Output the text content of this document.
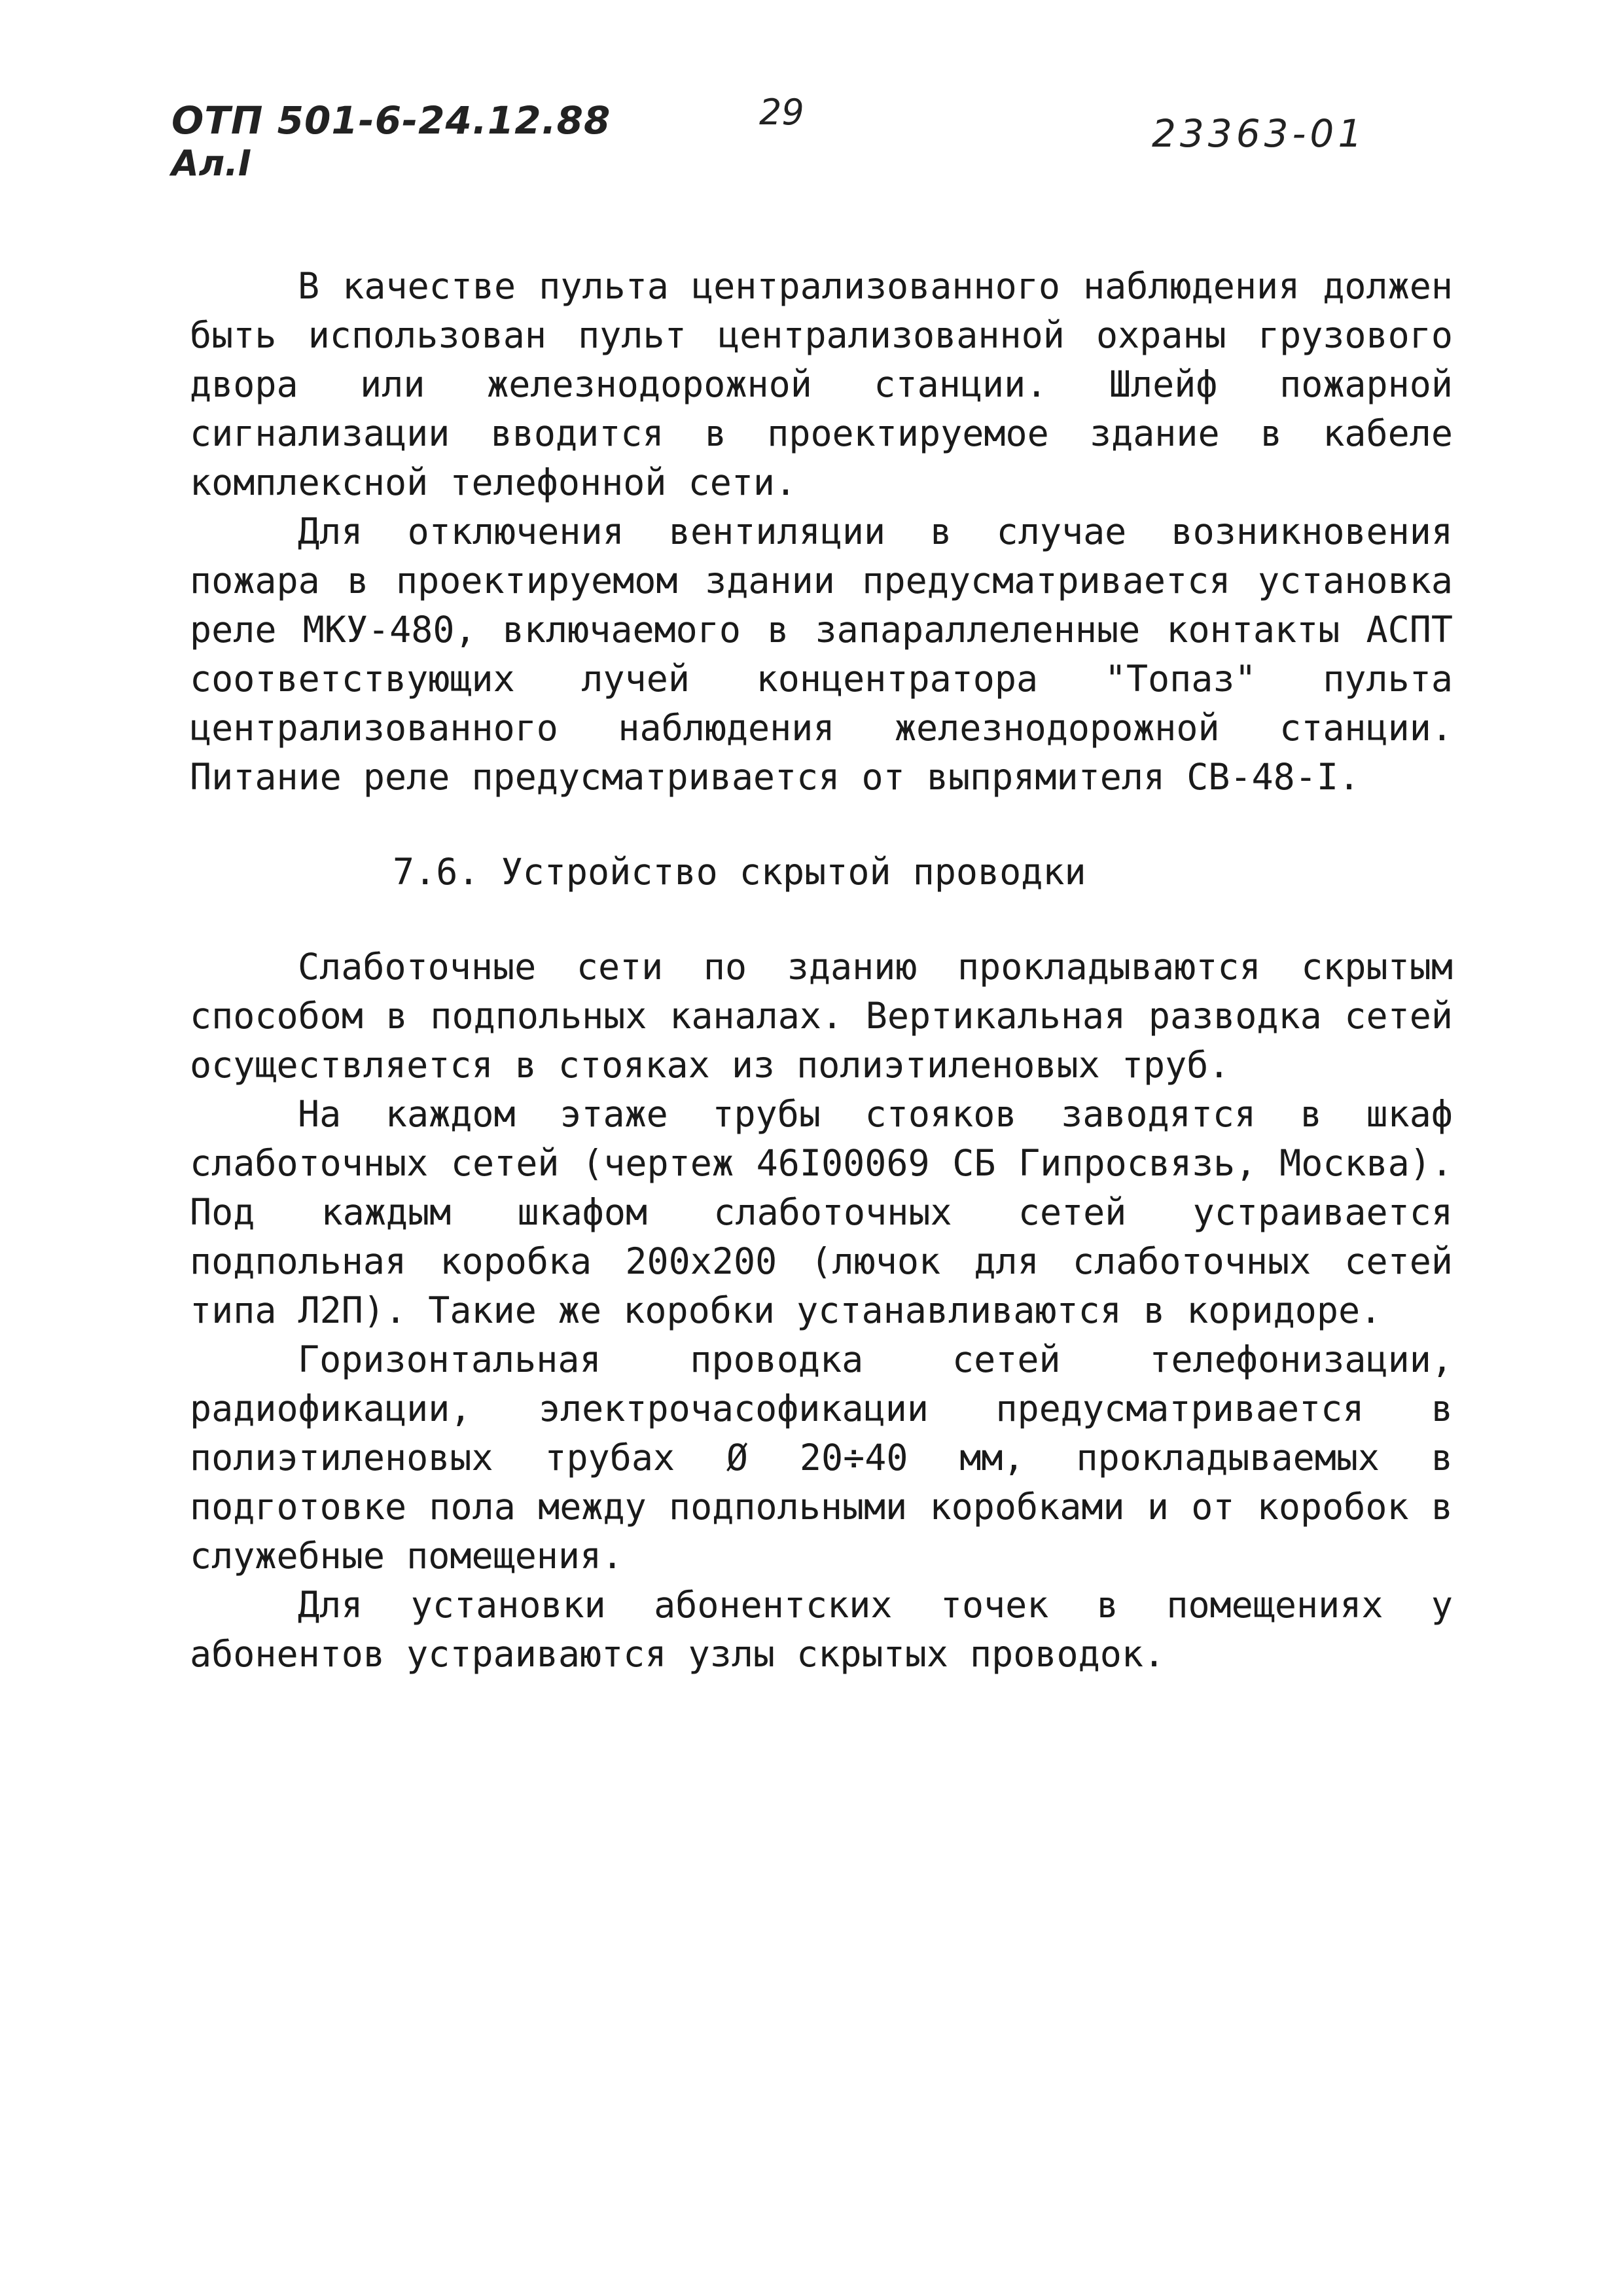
ОТП 501-6-24.12.88
Ал.I
29	23363-01

В качестве пульта централизованного наблюдения должен быть использован пульт централизованной охраны грузового двора или железнодорожной станции. Шлейф пожарной сигнализации вводится в проектируемое здание в кабеле комплексной телефонной сети.

Для отключения вентиляции в случае возникновения пожара в проектируемом здании предусматривается установка реле МКУ-480, включаемого в запараллеленные контакты АСПТ соответствующих лучей концентратора "Топаз" пульта централизованного наблюдения железнодорожной станции. Питание реле предусматривается от выпрямителя СВ-48-I.

7.6. Устройство скрытой проводки

Слаботочные сети по зданию прокладываются скрытым способом в подпольных каналах. Вертикальная разводка сетей осуществляется в стояках из полиэтиленовых труб.

На каждом этаже трубы стояков заводятся в шкаф слаботочных сетей (чертеж 46I00069 СБ Гипросвязь, Москва). Под каждым шкафом слаботочных сетей устраивается подпольная коробка 200x200 (лючок для слаботочных сетей типа Л2П). Такие же коробки устанавливаются в коридоре.

Горизонтальная проводка сетей телефонизации, радиофикации, электрочасофикации предусматривается в полиэтиленовых трубах Ø 20÷40 мм, прокладываемых в подготовке пола между подпольными коробками и от коробок в служебные помещения.

Для установки абонентских точек в помещениях у абонентов устраиваются узлы скрытых проводок.
